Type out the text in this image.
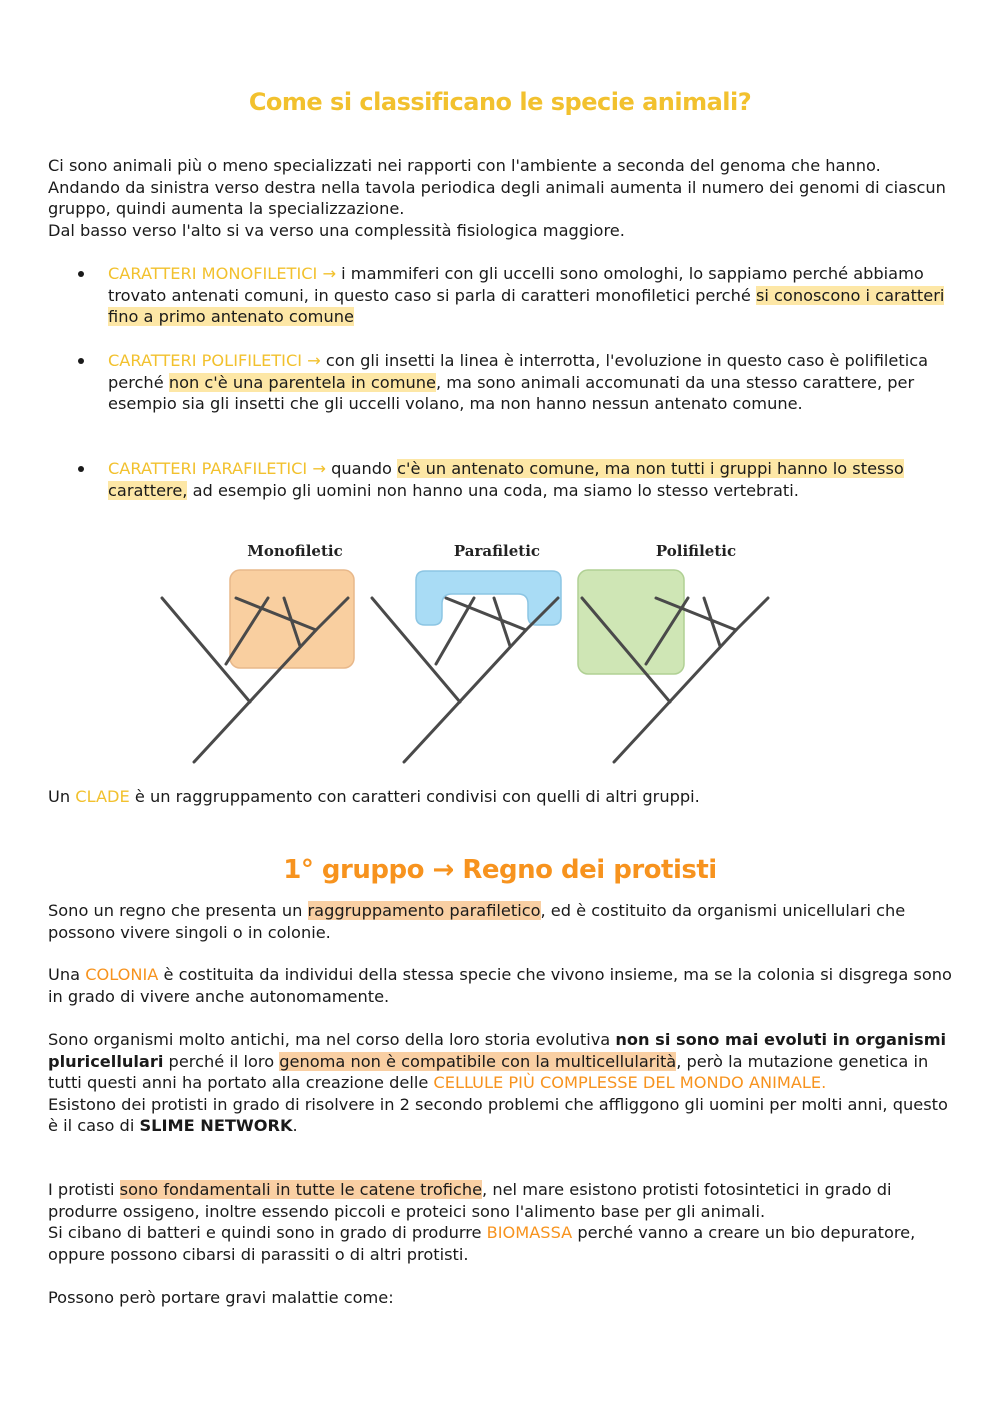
Come si classificano le specie animali?

Ci sono animali più o meno specializzati nei rapporti con l'ambiente a seconda del genoma che hanno. Andando da sinistra verso destra nella tavola periodica degli animali aumenta il numero dei genomi di ciascun gruppo, quindi aumenta la specializzazione.
Dal basso verso l'alto si va verso una complessità fisiologica maggiore.

CARATTERI MONOFILETICI → i mammiferi con gli uccelli sono omologhi, lo sappiamo perché abbiamo trovato antenati comuni, in questo caso si parla di caratteri monofiletici perché si conoscono i caratteri fino a primo antenato comune
CARATTERI POLIFILETICI → con gli insetti la linea è interrotta, l'evoluzione in questo caso è polifiletica perché non c'è una parentela in comune, ma sono animali accomunati da una stesso carattere, per esempio sia gli insetti che gli uccelli volano, ma non hanno nessun antenato comune.
CARATTERI PARAFILETICI → quando c'è un antenato comune, ma non tutti i gruppi hanno lo stesso carattere, ad esempio gli uomini non hanno una coda, ma siamo lo stesso vertebrati.
Monofiletic	Parafiletic	Polifiletic

Un CLADE è un raggruppamento con caratteri condivisi con quelli di altri gruppi.

1° gruppo → Regno dei protisti

Sono un regno che presenta un raggruppamento parafiletico, ed è costituito da organismi unicellulari che possono vivere singoli o in colonie.

Una COLONIA è costituita da individui della stessa specie che vivono insieme, ma se la colonia si disgrega sono in grado di vivere anche autonomamente.

Sono organismi molto antichi, ma nel corso della loro storia evolutiva non si sono mai evoluti in organismi pluricellulari perché il loro genoma non è compatibile con la multicellularità, però la mutazione genetica in tutti questi anni ha portato alla creazione delle CELLULE PIÙ COMPLESSE DEL MONDO ANIMALE.
Esistono dei protisti in grado di risolvere in 2 secondo problemi che affliggono gli uomini per molti anni, questo è il caso di SLIME NETWORK.

I protisti sono fondamentali in tutte le catene trofiche, nel mare esistono protisti fotosintetici in grado di produrre ossigeno, inoltre essendo piccoli e proteici sono l'alimento base per gli animali.
Si cibano di batteri e quindi sono in grado di produrre BIOMASSA perché vanno a creare un bio depuratore, oppure possono cibarsi di parassiti o di altri protisti.

Possono però portare gravi malattie come:
